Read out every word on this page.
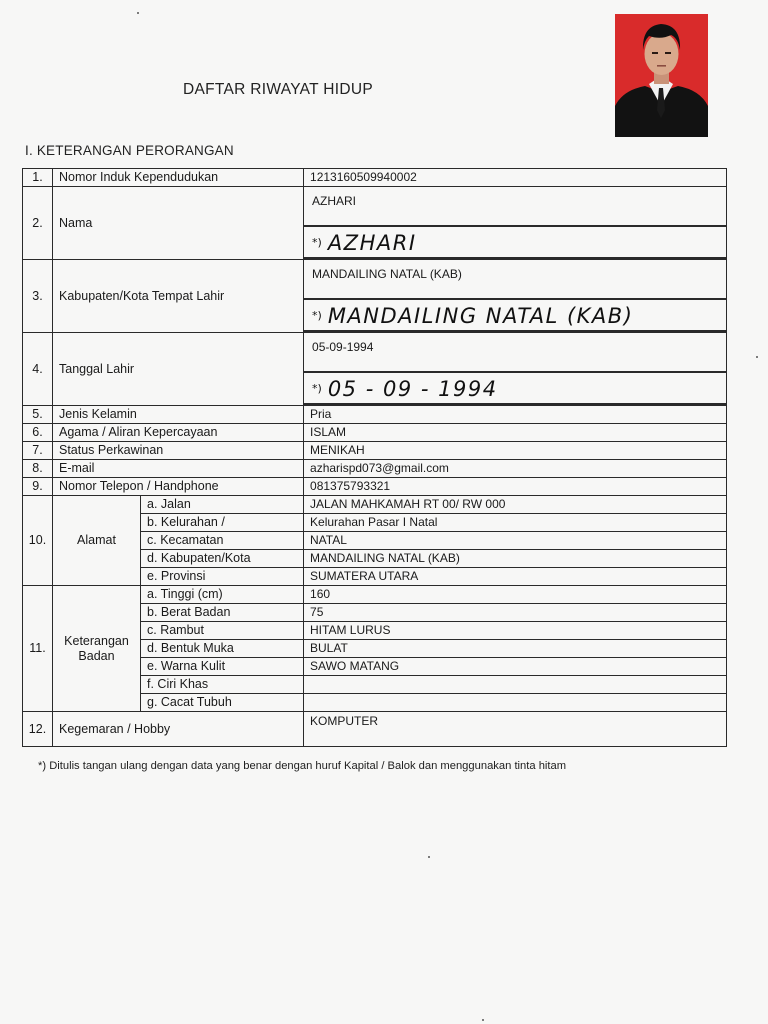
DAFTAR RIWAYAT HIDUP
I. KETERANGAN PERORANGAN
1.	Nomor Induk Kependudukan		1213160509940002
2.	Nama		AZHARI
*) AZHARI

3.	Kabupaten/Kota Tempat Lahir		MANDAILING NATAL (KAB)
*) MANDAILING NATAL (KAB)

4.	Tanggal Lahir		05-09-1994
*) 05 - 09 - 1994

5.	Jenis Kelamin		Pria
6.	Agama / Aliran Kepercayaan		ISLAM
7.	Status Perkawinan		MENIKAH
8.	E-mail		azharispd073@gmail.com
9.	Nomor Telepon / Handphone		081375793321
10.	Alamat	a. Jalan	JALAN MAHKAMAH RT 00/ RW 000
		b. Kelurahan /	Kelurahan Pasar I Natal
		c. Kecamatan	NATAL
		d. Kabupaten/Kota	MANDAILING NATAL (KAB)
		e. Provinsi	SUMATERA UTARA
11.	Keterangan Badan	a. Tinggi (cm)	160
		b. Berat Badan	75
		c. Rambut	HITAM LURUS
		d. Bentuk Muka	BULAT
		e. Warna Kulit	SAWO MATANG
		f. Ciri Khas	
		g. Cacat Tubuh	
12.	Kegemaran / Hobby		KOMPUTER
*) Ditulis tangan ulang dengan data yang benar dengan huruf Kapital / Balok dan menggunakan tinta hitam
